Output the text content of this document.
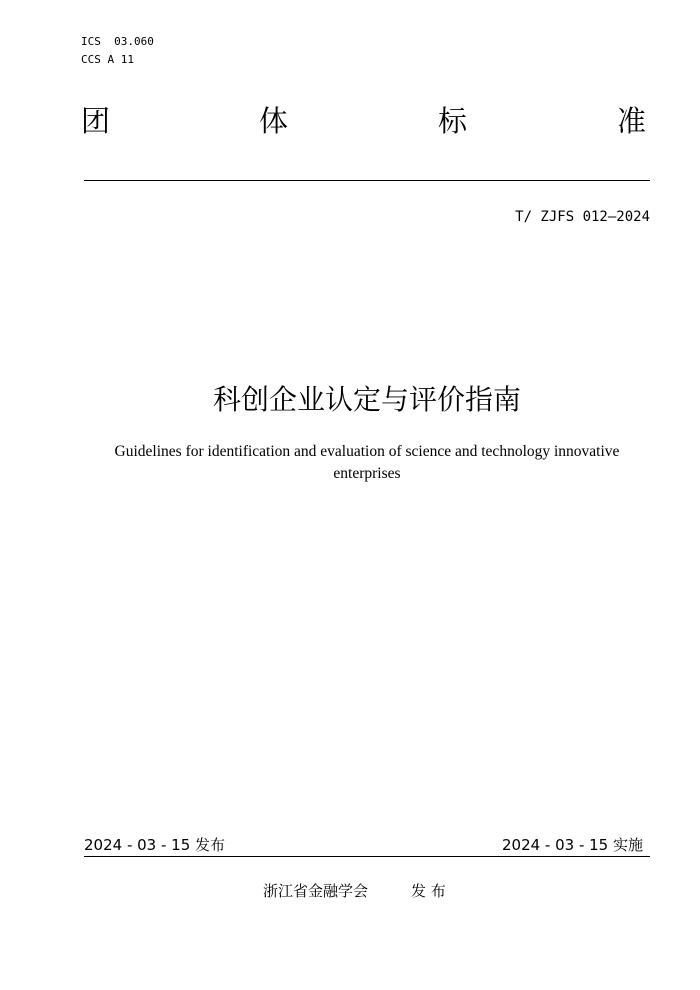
ICS  03.060
CCS A 11
团	体	标	准
T/ ZJFS 012—2024
科创企业认定与评价指南
Guidelines for identification and evaluation of science and technology innovative enterprises
2024 - 03 - 15 发布	2024 - 03 - 15 实施
浙江省金融学会	发 布
